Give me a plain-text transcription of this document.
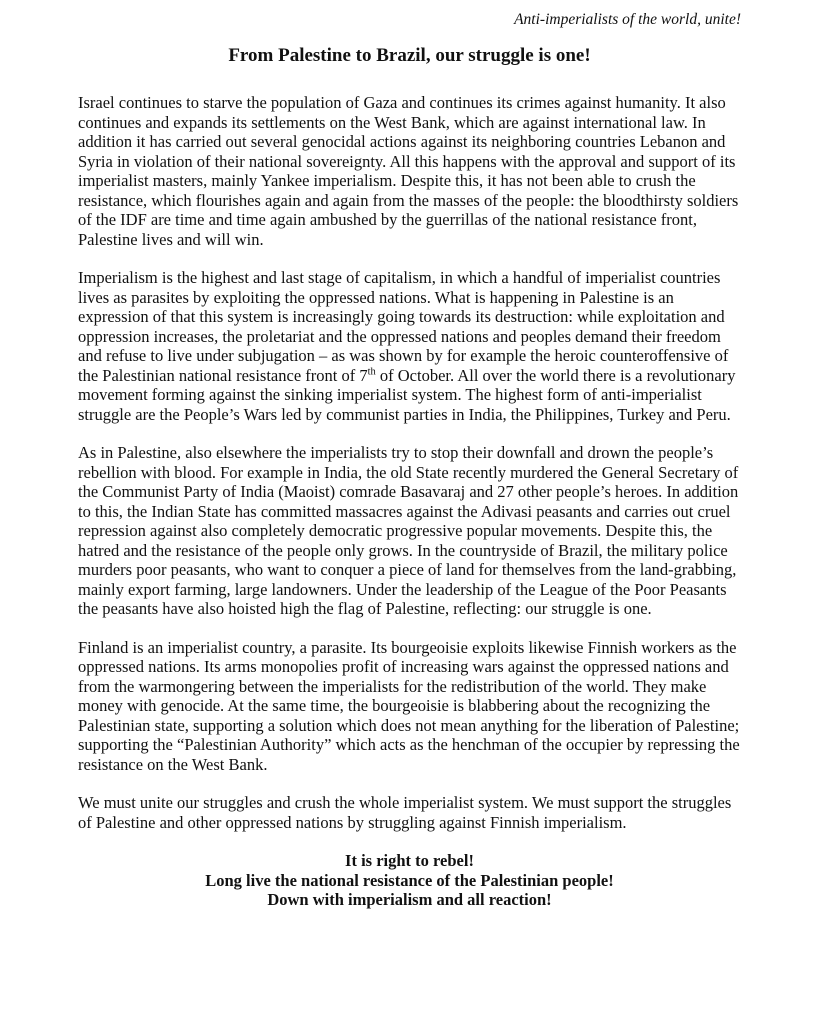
Anti-imperialists of the world, unite!
From Palestine to Brazil, our struggle is one!

Israel continues to starve the population of Gaza and continues its crimes against humanity. It also continues and expands its settlements on the West Bank, which are against international law. In addition it has carried out several genocidal actions against its neighboring countries Lebanon and Syria in violation of their national sovereignty. All this happens with the approval and support of its imperialist masters, mainly Yankee imperialism. Despite this, it has not been able to crush the resistance, which flourishes again and again from the masses of the people: the bloodthirsty soldiers of the IDF are time and time again ambushed by the guerrillas of the national resistance front, Palestine lives and will win.

Imperialism is the highest and last stage of capitalism, in which a handful of imperialist countries lives as parasites by exploiting the oppressed nations. What is happening in Palestine is an expression of that this system is increasingly going towards its destruction: while exploitation and oppression increases, the proletariat and the oppressed nations and peoples demand their freedom and refuse to live under subjugation – as was shown by for example the heroic counteroffensive of the Palestinian national resistance front of 7th of October. All over the world there is a revolutionary movement forming against the sinking imperialist system. The highest form of anti-imperialist struggle are the People’s Wars led by communist parties in India, the Philippines, Turkey and Peru.

As in Palestine, also elsewhere the imperialists try to stop their downfall and drown the people’s rebellion with blood. For example in India, the old State recently murdered the General Secretary of the Communist Party of India (Maoist) comrade Basavaraj and 27 other people’s heroes. In addition to this, the Indian State has committed massacres against the Adivasi peasants and carries out cruel repression against also completely democratic progressive popular movements. Despite this, the hatred and the resistance of the people only grows. In the countryside of Brazil, the military police murders poor peasants, who want to conquer a piece of land for themselves from the land-grabbing, mainly export farming, large landowners. Under the leadership of the League of the Poor Peasants the peasants have also hoisted high the flag of Palestine, reflecting: our struggle is one.

Finland is an imperialist country, a parasite. Its bourgeoisie exploits likewise Finnish workers as the oppressed nations. Its arms monopolies profit of increasing wars against the oppressed nations and from the warmongering between the imperialists for the redistribution of the world. They make money with genocide. At the same time, the bourgeoisie is blabbering about the recognizing the Palestinian state, supporting a solution which does not mean anything for the liberation of Palestine; supporting the “Palestinian Authority” which acts as the henchman of the occupier by repressing the resistance on the West Bank.

We must unite our struggles and crush the whole imperialist system. We must support the struggles of Palestine and other oppressed nations by struggling against Finnish imperialism.

It is right to rebel!

Long live the national resistance of the Palestinian people!

Down with imperialism and all reaction!
